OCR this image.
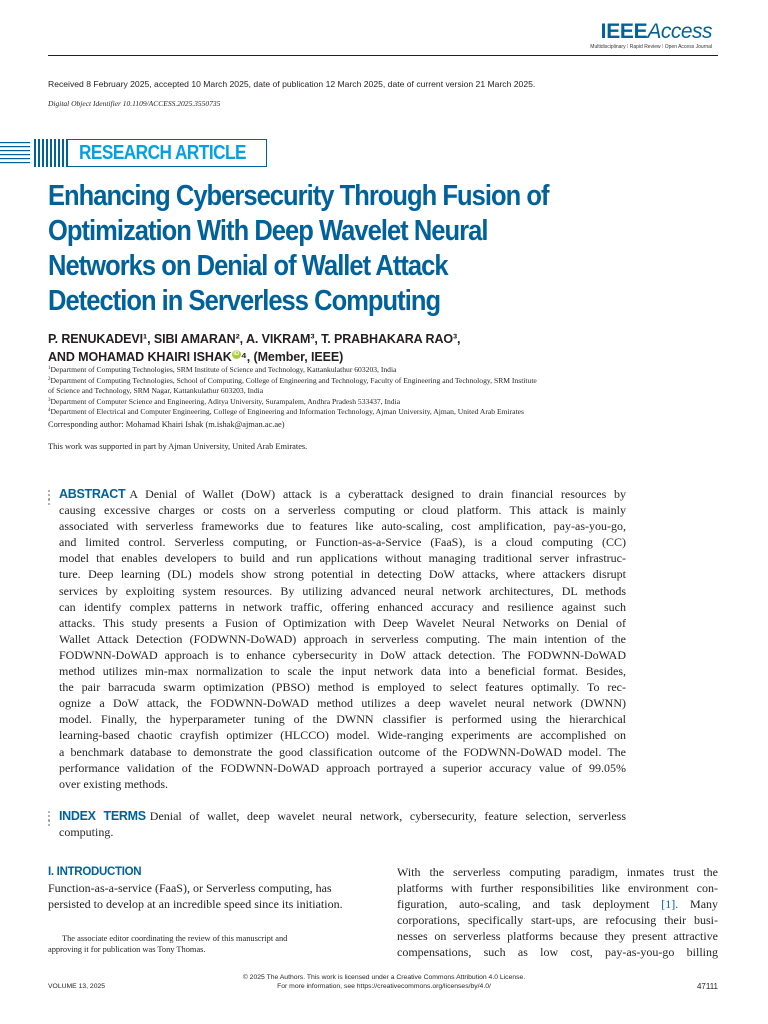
IEEEAccess
Multidisciplinary ⁞ Rapid Review ⁞ Open Access Journal
Received 8 February 2025, accepted 10 March 2025, date of publication 12 March 2025, date of current version 21 March 2025.
Digital Object Identifier 10.1109/ACCESS.2025.3550735
RESEARCH ARTICLE
Enhancing Cybersecurity Through Fusion of
Optimization With Deep Wavelet Neural
Networks on Denial of Wallet Attack
Detection in Serverless Computing
P. RENUKADEVI¹, SIBI AMARAN², A. VIKRAM³, T. PRABHAKARA RAO³,
AND MOHAMAD KHAIRI ISHAK iD ⁴, (Member, IEEE)
$^1$Department of Computing Technologies, SRM Institute of Science and Technology, Kattankulathur 603203, India
$^2$Department of Computing Technologies, School of Computing, College of Engineering and Technology, Faculty of Engineering and Technology, SRM Institute
of Science and Technology, SRM Nagar, Kattankulathur 603203, India
$^3$Department of Computer Science and Engineering, Aditya University, Surampalem, Andhra Pradesh 533437, India
$^4$Department of Electrical and Computer Engineering, College of Engineering and Information Technology, Ajman University, Ajman, United Arab Emirates
Corresponding author: Mohamad Khairi Ishak (m.ishak@ajman.ac.ae)
This work was supported in part by Ajman University, United Arab Emirates.
ABSTRACT A Denial of Wallet (DoW) attack is a cyberattack designed to drain financial resources by
causing excessive charges or costs on a serverless computing or cloud platform. This attack is mainly
associated with serverless frameworks due to features like auto-scaling, cost amplification, pay-as-you-go,
and limited control. Serverless computing, or Function-as-a-Service (FaaS), is a cloud computing (CC)
model that enables developers to build and run applications without managing traditional server infrastruc-
ture. Deep learning (DL) models show strong potential in detecting DoW attacks, where attackers disrupt
services by exploiting system resources. By utilizing advanced neural network architectures, DL methods
can identify complex patterns in network traffic, offering enhanced accuracy and resilience against such
attacks. This study presents a Fusion of Optimization with Deep Wavelet Neural Networks on Denial of
Wallet Attack Detection (FODWNN-DoWAD) approach in serverless computing. The main intention of the
FODWNN-DoWAD approach is to enhance cybersecurity in DoW attack detection. The FODWNN-DoWAD
method utilizes min-max normalization to scale the input network data into a beneficial format. Besides,
the pair barracuda swarm optimization (PBSO) method is employed to select features optimally. To rec-
ognize a DoW attack, the FODWNN-DoWAD method utilizes a deep wavelet neural network (DWNN)
model. Finally, the hyperparameter tuning of the DWNN classifier is performed using the hierarchical
learning-based chaotic crayfish optimizer (HLCCO) model. Wide-ranging experiments are accomplished on
a benchmark database to demonstrate the good classification outcome of the FODWNN-DoWAD model. The
performance validation of the FODWNN-DoWAD approach portrayed a superior accuracy value of 99.05%
over existing methods.
INDEX TERMS Denial of wallet, deep wavelet neural network, cybersecurity, feature selection, serverless
computing.
I. INTRODUCTION
Function-as-a-service (FaaS), or Serverless computing, has
persisted to develop at an incredible speed since its initiation.
The associate editor coordinating the review of this manuscript and
approving it for publication was Tony Thomas.
With the serverless computing paradigm, inmates trust the
platforms with further responsibilities like environment con-
figuration, auto-scaling, and task deployment [1]. Many
corporations, specifically start-ups, are refocusing their busi-
nesses on serverless platforms because they present attractive
compensations, such as low cost, pay-as-you-go billing
© 2025 The Authors. This work is licensed under a Creative Commons Attribution 4.0 License.
For more information, see https://creativecommons.org/licenses/by/4.0/
VOLUME 13, 2025	47111
